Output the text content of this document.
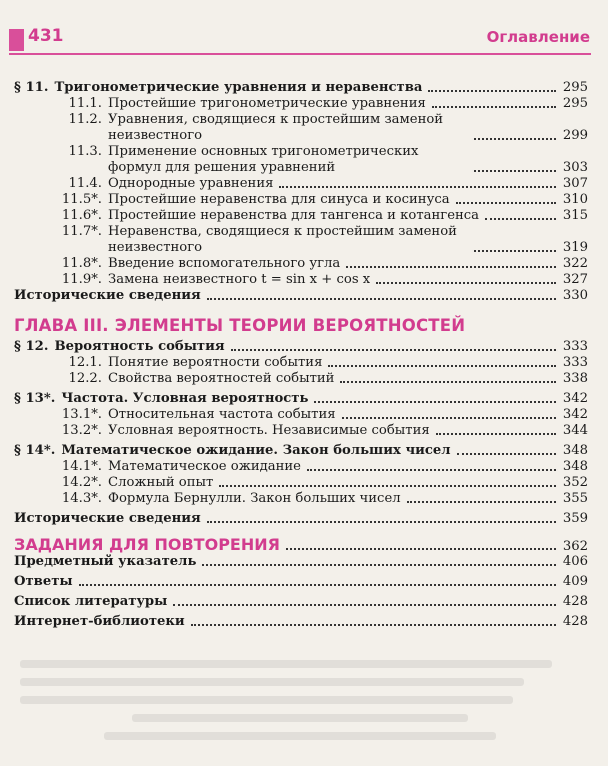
431	Оглавление
§ 11. Тригонометрические уравнения и неравенства	295
11.1. Простейшие тригонометрические уравнения	295
11.2. Уравнения, сводящиеся к простейшим заменой неизвестного	299
11.3. Применение основных тригонометрических формул для решения уравнений	303
11.4. Однородные уравнения	307
11.5*. Простейшие неравенства для синуса и косинуса	310
11.6*. Простейшие неравенства для тангенса и котангенса	315
11.7*. Неравенства, сводящиеся к простейшим заменой неизвестного	319
11.8*. Введение вспомогательного угла	322
11.9*. Замена неизвестного t = sin x + cos x	327
Исторические сведения	330
ГЛАВА III. ЭЛЕМЕНТЫ ТЕОРИИ ВЕРОЯТНОСТЕЙ
§ 12. Вероятность события	333
12.1. Понятие вероятности события	333
12.2. Свойства вероятностей событий	338
§ 13*. Частота. Условная вероятность	342
13.1*. Относительная частота события	342
13.2*. Условная вероятность. Независимые события	344
§ 14*. Математическое ожидание. Закон больших чисел	348
14.1*. Математическое ожидание	348
14.2*. Сложный опыт	352
14.3*. Формула Бернулли. Закон больших чисел	355
Исторические сведения	359
ЗАДАНИЯ ДЛЯ ПОВТОРЕНИЯ	362
Предметный указатель	406
Ответы	409
Список литературы	428
Интернет-библиотеки	428
